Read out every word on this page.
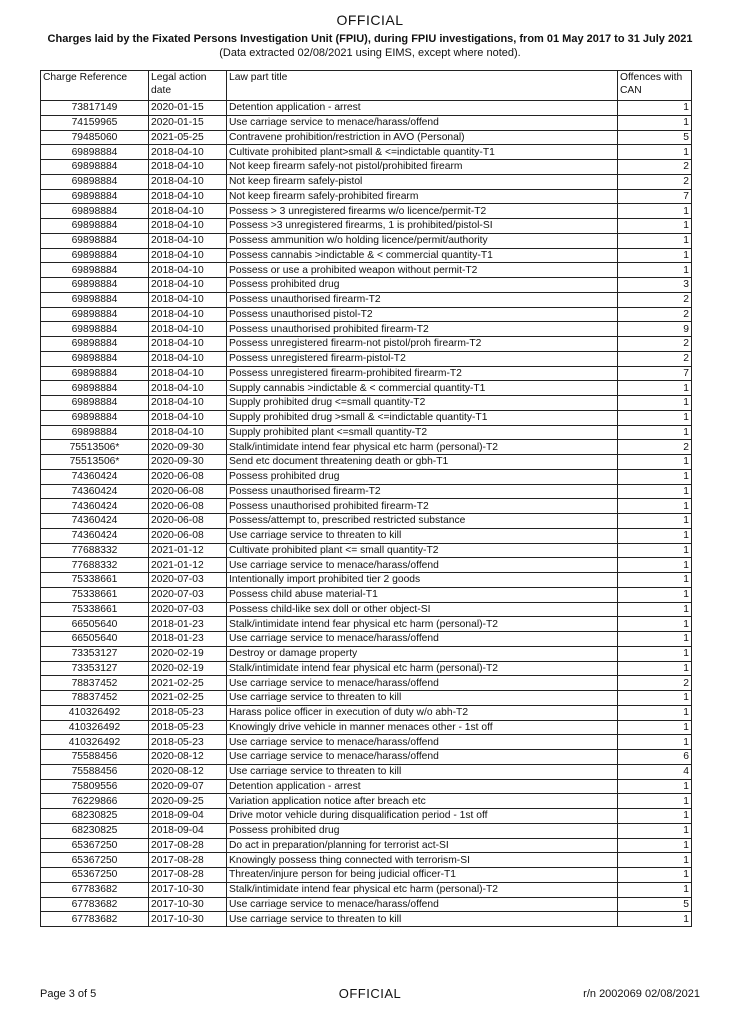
OFFICIAL
Charges laid by the Fixated Persons Investigation Unit (FPIU), during FPIU investigations, from 01 May 2017 to 31 July 2021 (Data extracted 02/08/2021 using EIMS, except where noted).
Charge Reference	Legal action date	Law part title	Offences with CAN
73817149	2020-01-15	Detention application - arrest	1
74159965	2020-01-15	Use carriage service to menace/harass/offend	1
79485060	2021-05-25	Contravene prohibition/restriction in AVO (Personal)	5
69898884	2018-04-10	Cultivate prohibited plant>small & <=indictable quantity-T1	1
69898884	2018-04-10	Not keep firearm safely-not pistol/prohibited firearm	2
69898884	2018-04-10	Not keep firearm safely-pistol	2
69898884	2018-04-10	Not keep firearm safely-prohibited firearm	7
69898884	2018-04-10	Possess > 3 unregistered firearms w/o licence/permit-T2	1
69898884	2018-04-10	Possess >3 unregistered firearms, 1 is prohibited/pistol-SI	1
69898884	2018-04-10	Possess ammunition w/o holding licence/permit/authority	1
69898884	2018-04-10	Possess cannabis >indictable & < commercial quantity-T1	1
69898884	2018-04-10	Possess or use a prohibited weapon without permit-T2	1
69898884	2018-04-10	Possess prohibited drug	3
69898884	2018-04-10	Possess unauthorised firearm-T2	2
69898884	2018-04-10	Possess unauthorised pistol-T2	2
69898884	2018-04-10	Possess unauthorised prohibited firearm-T2	9
69898884	2018-04-10	Possess unregistered firearm-not pistol/proh firearm-T2	2
69898884	2018-04-10	Possess unregistered firearm-pistol-T2	2
69898884	2018-04-10	Possess unregistered firearm-prohibited firearm-T2	7
69898884	2018-04-10	Supply cannabis >indictable & < commercial quantity-T1	1
69898884	2018-04-10	Supply prohibited drug <=small quantity-T2	1
69898884	2018-04-10	Supply prohibited drug >small & <=indictable quantity-T1	1
69898884	2018-04-10	Supply prohibited plant <=small quantity-T2	1
75513506*	2020-09-30	Stalk/intimidate intend fear physical etc harm (personal)-T2	2
75513506*	2020-09-30	Send etc document threatening death or gbh-T1	1
74360424	2020-06-08	Possess prohibited drug	1
74360424	2020-06-08	Possess unauthorised firearm-T2	1
74360424	2020-06-08	Possess unauthorised prohibited firearm-T2	1
74360424	2020-06-08	Possess/attempt to, prescribed restricted substance	1
74360424	2020-06-08	Use carriage service to threaten to kill	1
77688332	2021-01-12	Cultivate prohibited plant <= small quantity-T2	1
77688332	2021-01-12	Use carriage service to menace/harass/offend	1
75338661	2020-07-03	Intentionally import prohibited tier 2 goods	1
75338661	2020-07-03	Possess child abuse material-T1	1
75338661	2020-07-03	Possess child-like sex doll or other object-SI	1
66505640	2018-01-23	Stalk/intimidate intend fear physical etc harm (personal)-T2	1
66505640	2018-01-23	Use carriage service to menace/harass/offend	1
73353127	2020-02-19	Destroy or damage property	1
73353127	2020-02-19	Stalk/intimidate intend fear physical etc harm (personal)-T2	1
78837452	2021-02-25	Use carriage service to menace/harass/offend	2
78837452	2021-02-25	Use carriage service to threaten to kill	1
410326492	2018-05-23	Harass police officer in execution of duty w/o abh-T2	1
410326492	2018-05-23	Knowingly drive vehicle in manner menaces other - 1st off	1
410326492	2018-05-23	Use carriage service to menace/harass/offend	1
75588456	2020-08-12	Use carriage service to menace/harass/offend	6
75588456	2020-08-12	Use carriage service to threaten to kill	4
75809556	2020-09-07	Detention application - arrest	1
76229866	2020-09-25	Variation application notice after breach etc	1
68230825	2018-09-04	Drive motor vehicle during disqualification period - 1st off	1
68230825	2018-09-04	Possess prohibited drug	1
65367250	2017-08-28	Do act in preparation/planning for terrorist act-SI	1
65367250	2017-08-28	Knowingly possess thing connected with terrorism-SI	1
65367250	2017-08-28	Threaten/injure person for being judicial officer-T1	1
67783682	2017-10-30	Stalk/intimidate intend fear physical etc harm (personal)-T2	1
67783682	2017-10-30	Use carriage service to menace/harass/offend	5
67783682	2017-10-30	Use carriage service to threaten to kill	1
Page 3 of 5	OFFICIAL	r/n 2002069 02/08/2021
